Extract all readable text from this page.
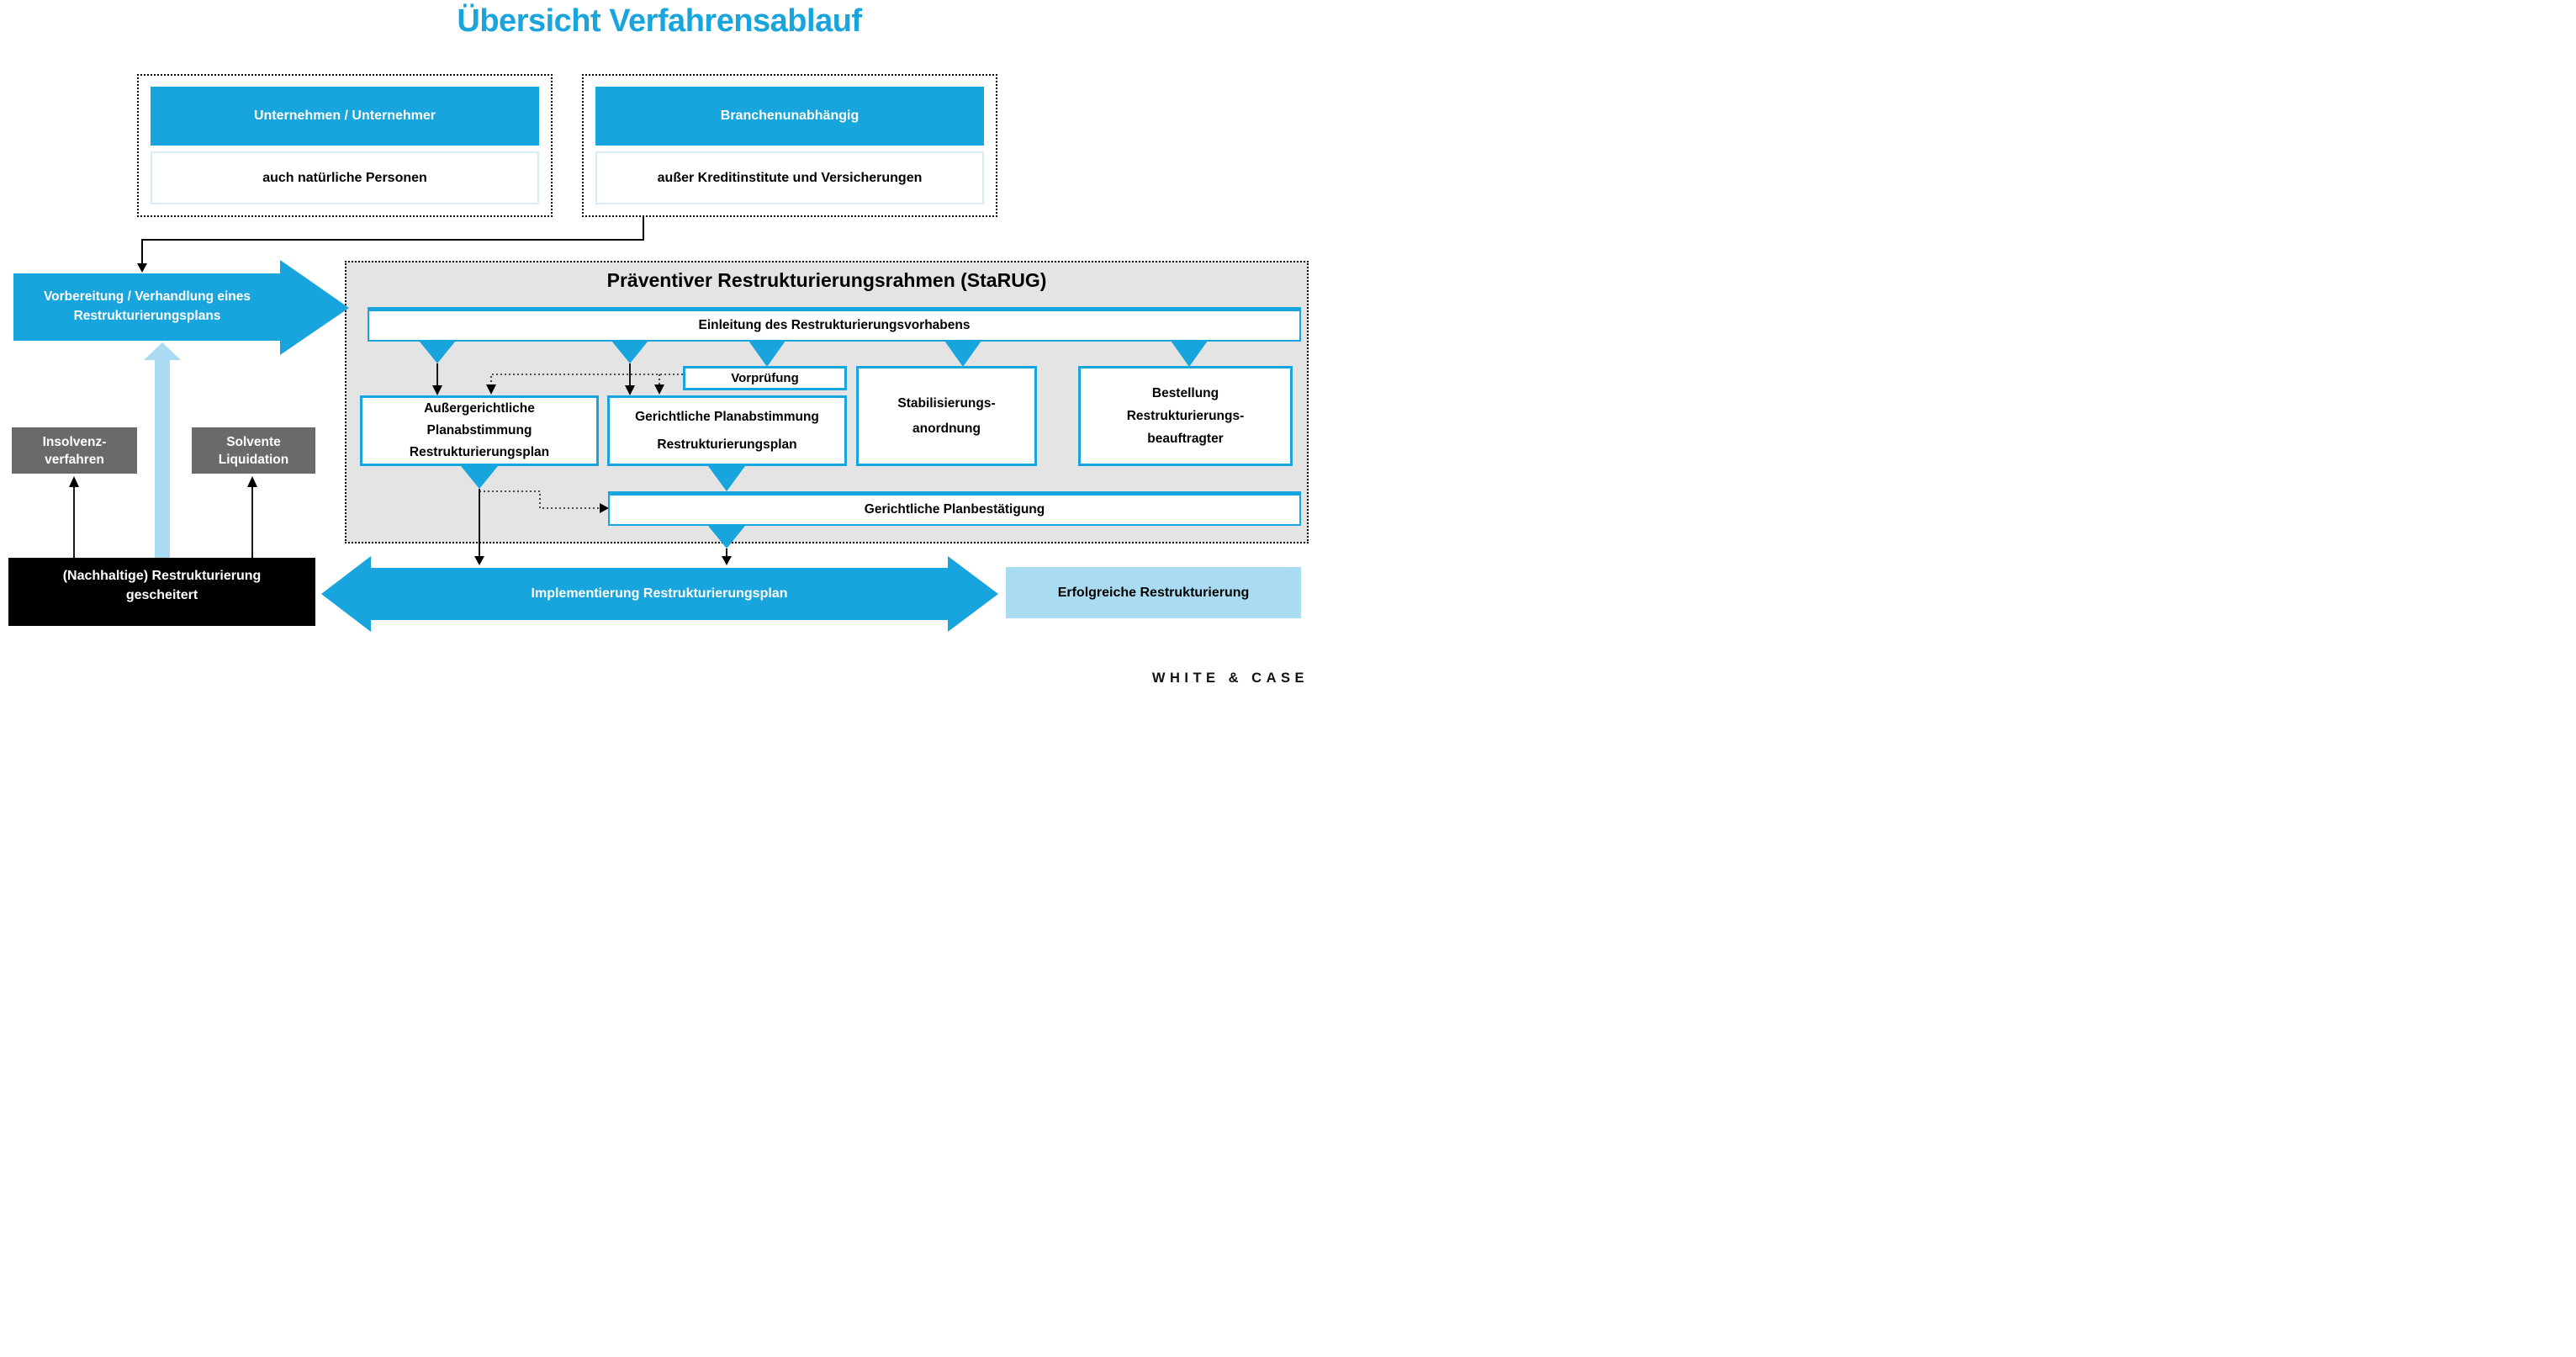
Übersicht Verfahrensablauf
Unternehmen / Unternehmer
auch natürliche Personen
Branchenunabhängig
außer Kreditinstitute und Versicherungen
Vorbereitung / Verhandlung eines
Restrukturierungsplans
Präventiver Restrukturierungsrahmen (StaRUG)
Einleitung des Restrukturierungsvorhabens
Vorprüfung
Außergerichtliche
Planabstimmung
Restrukturierungsplan
Gerichtliche Planabstimmung
Restrukturierungsplan
Stabilisierungs-
anordnung
Bestellung
Restrukturierungs-
beauftragter
Gerichtliche Planbestätigung
Insolvenz-
verfahren
Solvente
Liquidation
(Nachhaltige) Restrukturierung
gescheitert	Implementierung Restrukturierungsplan	Erfolgreiche Restrukturierung
WHITE & CASE
